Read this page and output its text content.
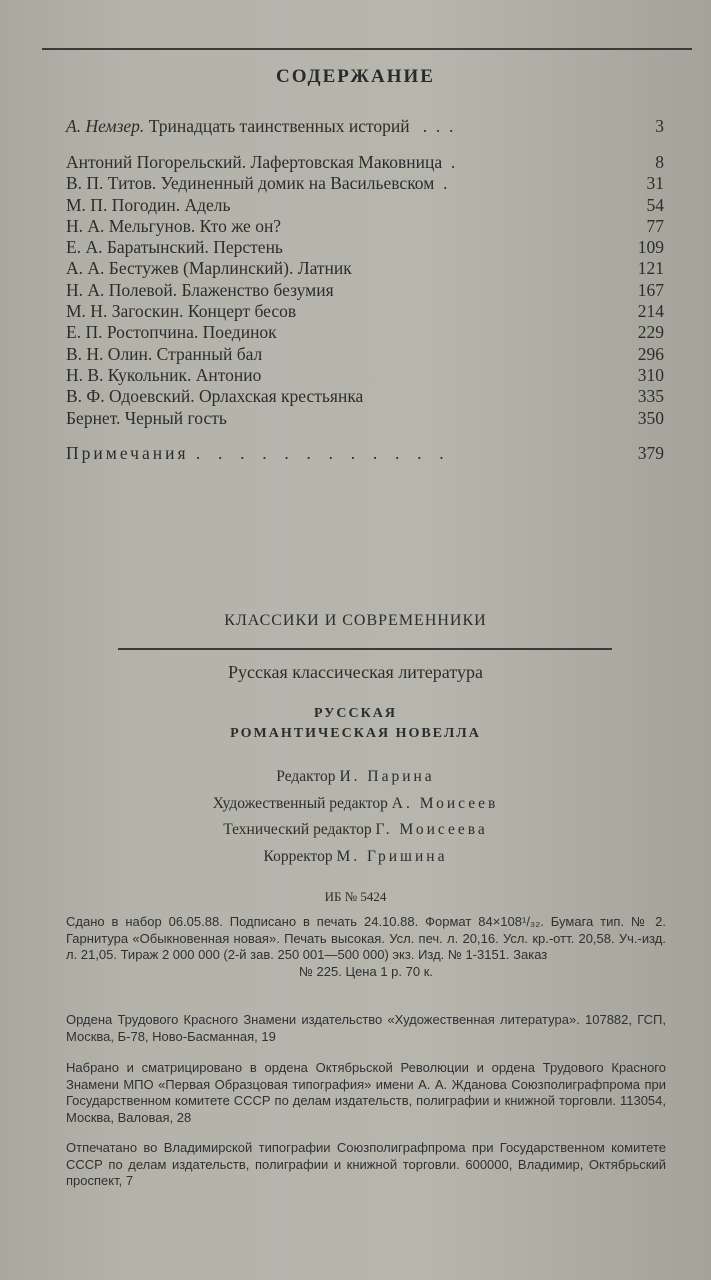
СОДЕРЖАНИЕ
А. Немзер. Тринадцать таинственных историй   .  .  .	3
Антоний Погорельский. Лафертовская Маковница  .	8
В. П. Титов. Уединенный домик на Васильевском  .	31
М. П. Погодин. Адель	54
Н. А. Мельгунов. Кто же он?	77
Е. А. Баратынский. Перстень	109
А. А. Бестужев (Марлинский). Латник	121
Н. А. Полевой. Блаженство безумия	167
М. Н. Загоскин. Концерт бесов	214
Е. П. Ростопчина. Поединок	229
В. Н. Олин. Странный бал	296
Н. В. Кукольник. Антонио	310
В. Ф. Одоевский. Орлахская крестьянка	335
Бернет. Черный гость	350
Примечания .  .  .  .  .  .  .  .  .  .  .  .	379
КЛАССИКИ И СОВРЕМЕННИКИ
Русская классическая литература
РУССКАЯ
РОМАНТИЧЕСКАЯ НОВЕЛЛА
Редактор И. Парина
Художественный редактор А. Моисеев
Технический редактор Г. Моисеева
Корректор М. Гришина
ИБ № 5424

Сдано в набор 06.05.88. Подписано в печать 24.10.88. Формат 84×108¹/₃₂. Бумага тип. № 2. Гарнитура «Обыкновенная новая». Печать высокая. Усл. печ. л. 20,16. Усл. кр.-отт. 20,58. Уч.-изд. л. 21,05. Тираж 2 000 000 (2-й зав. 250 001—500 000) экз. Изд. № 1-3151. Заказ

№ 225. Цена 1 р. 70 к.

Ордена Трудового Красного Знамени издательство «Художественная литература». 107882, ГСП, Москва, Б-78, Ново-Басманная, 19

Набрано и сматрицировано в ордена Октябрьской Революции и ордена Трудового Красного Знамени МПО «Первая Образцовая типография» имени А. А. Жданова Союзполиграфпрома при Государственном комитете СССР по делам издательств, полиграфии и книжной торговли. 113054, Москва, Валовая, 28

Отпечатано во Владимирской типографии Союзполиграфпрома при Государственном комитете СССР по делам издательств, полиграфии и книжной торговли. 600000, Владимир, Октябрьский проспект, 7
